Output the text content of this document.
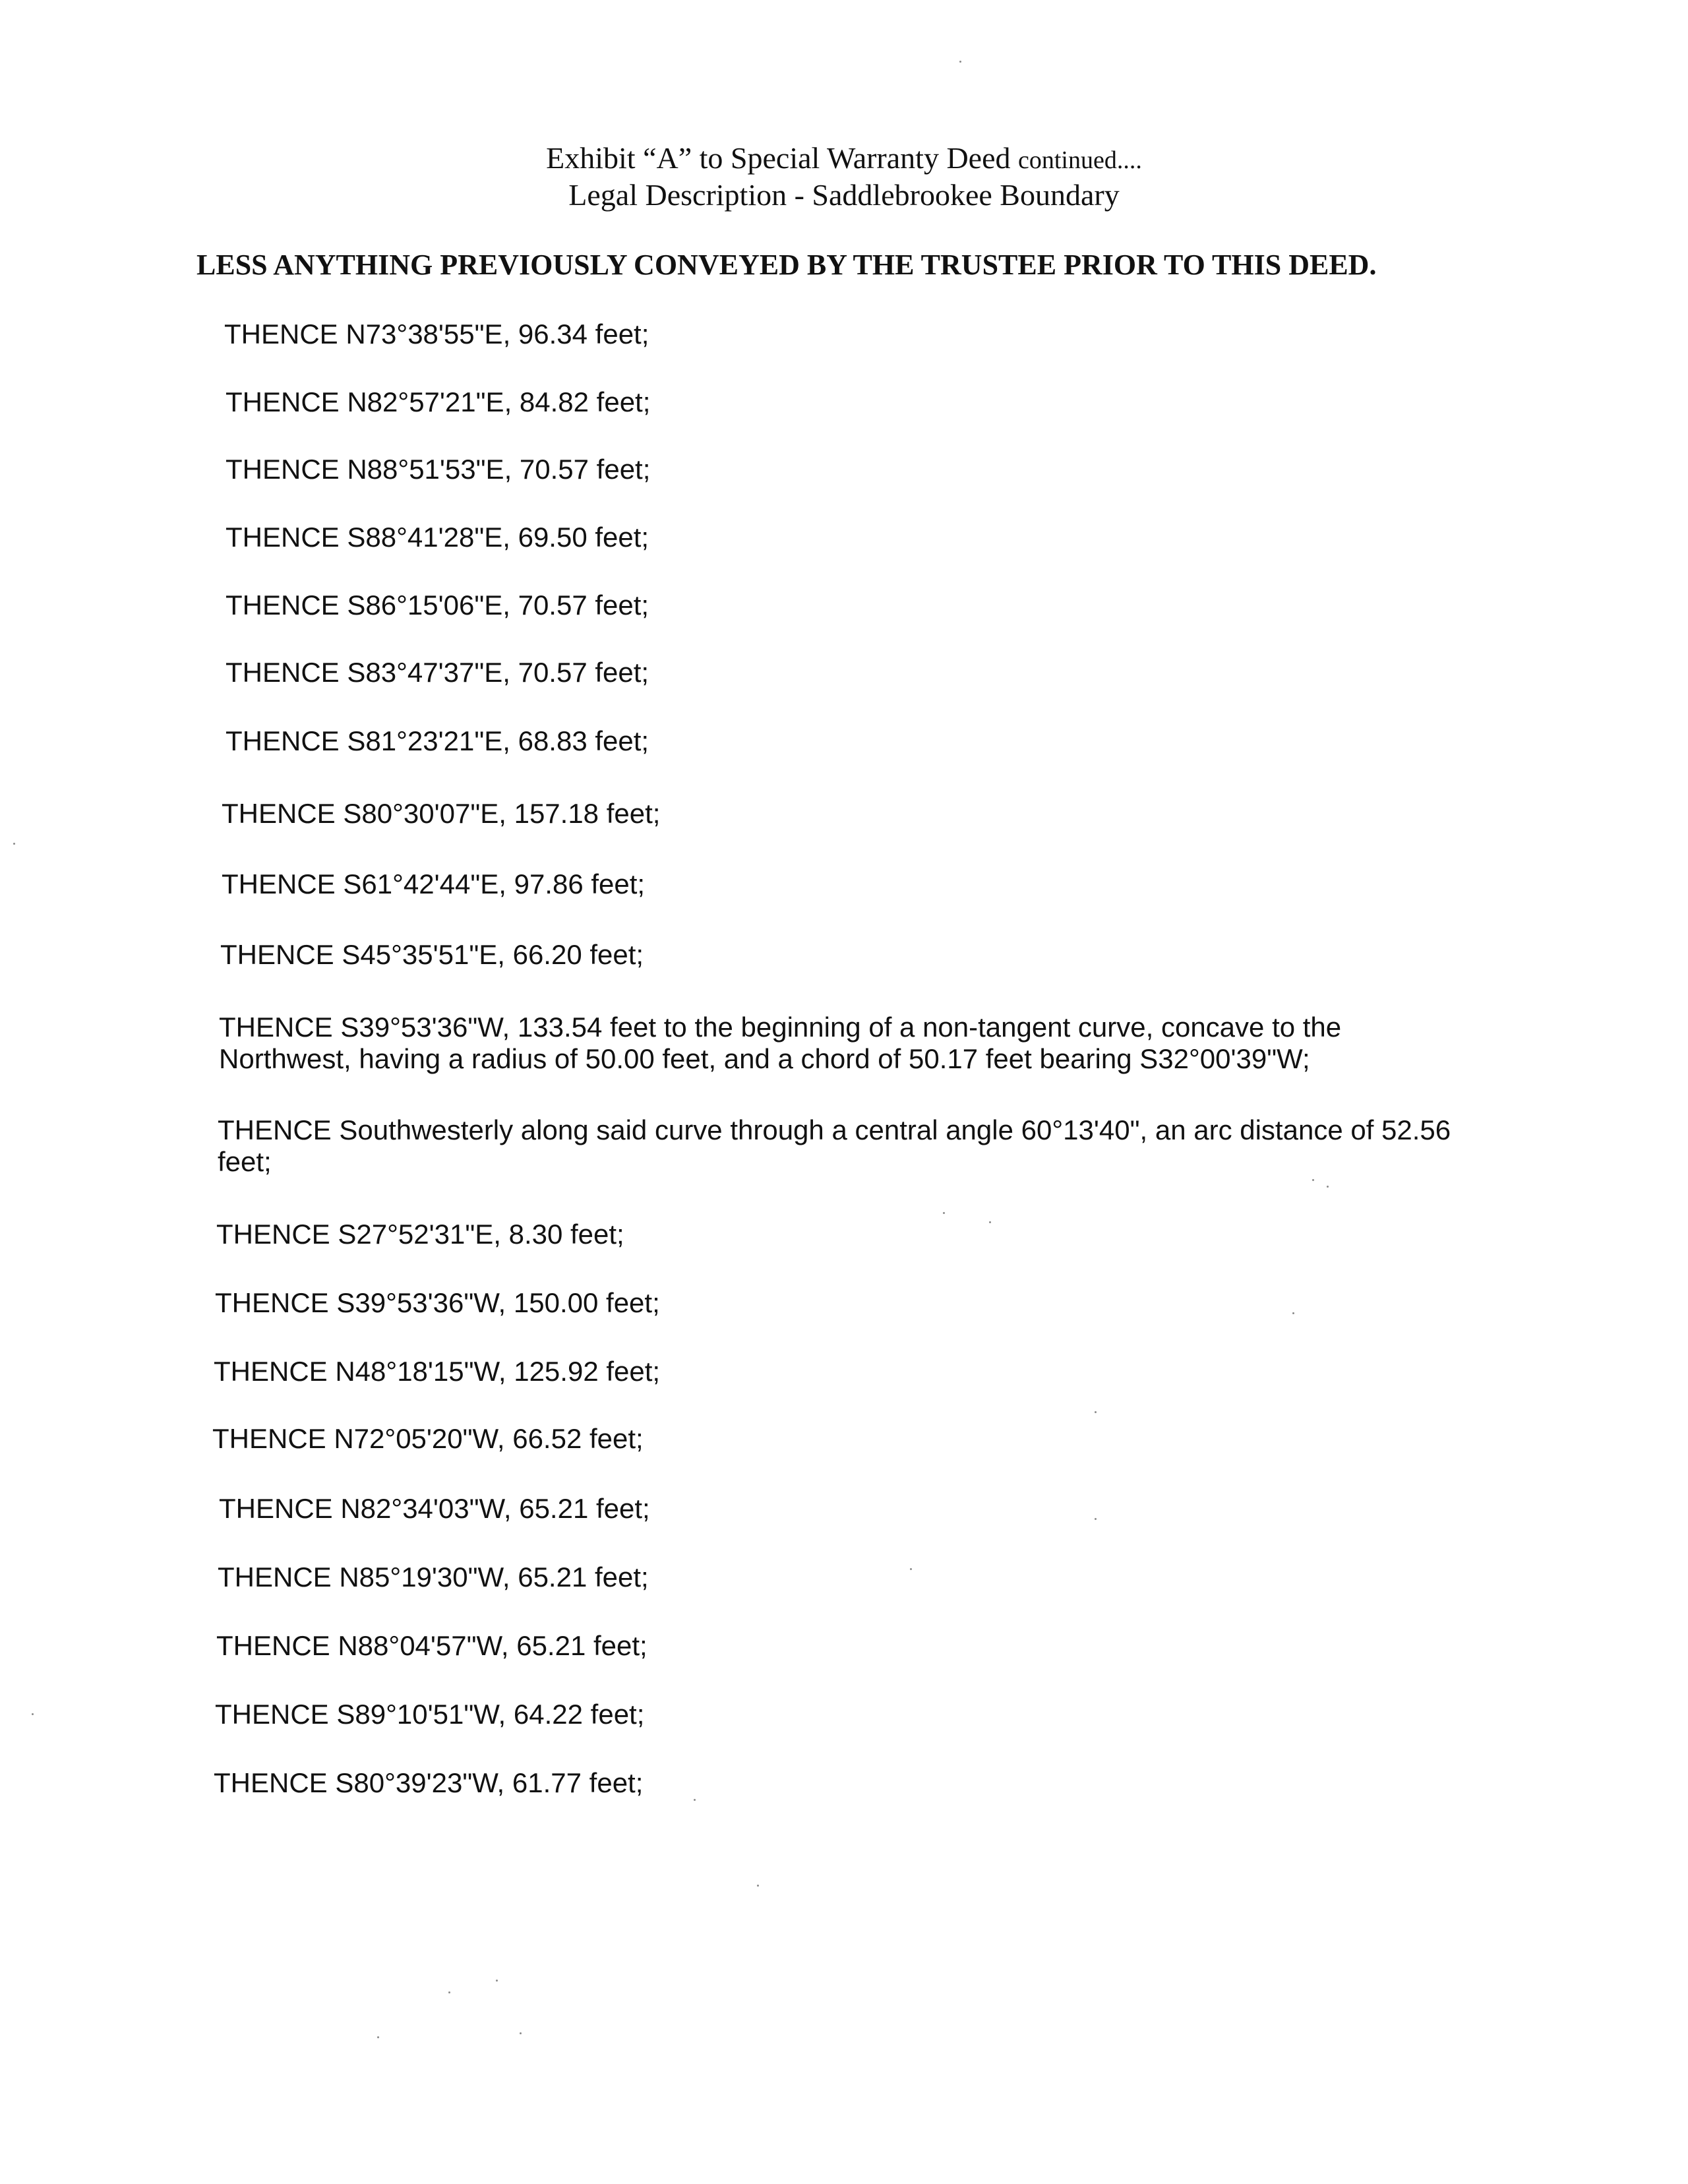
Exhibit “A” to Special Warranty Deed continued....
Legal Description - Saddlebrookee Boundary
LESS ANYTHING PREVIOUSLY CONVEYED BY THE TRUSTEE PRIOR TO THIS DEED.
THENCE N73°38'55"E, 96.34 feet;
THENCE N82°57'21"E, 84.82 feet;
THENCE N88°51'53"E, 70.57 feet;
THENCE S88°41'28"E, 69.50 feet;
THENCE S86°15'06"E, 70.57 feet;
THENCE S83°47'37"E, 70.57 feet;
THENCE S81°23'21"E, 68.83 feet;
THENCE S80°30'07"E, 157.18 feet;
THENCE S61°42'44"E, 97.86 feet;
THENCE S45°35'51"E, 66.20 feet;
THENCE S39°53'36"W, 133.54 feet to the beginning of a non-tangent curve, concave to the Northwest, having a radius of 50.00 feet, and a chord of 50.17 feet bearing S32°00'39"W;
THENCE Southwesterly along said curve through a central angle 60°13'40", an arc distance of 52.56 feet;
THENCE S27°52'31"E, 8.30 feet;
THENCE S39°53'36"W, 150.00 feet;
THENCE N48°18'15"W, 125.92 feet;
THENCE N72°05'20"W, 66.52 feet;
THENCE N82°34'03"W, 65.21 feet;
THENCE N85°19'30"W, 65.21 feet;
THENCE N88°04'57"W, 65.21 feet;
THENCE S89°10'51"W, 64.22 feet;
THENCE S80°39'23"W, 61.77 feet;
